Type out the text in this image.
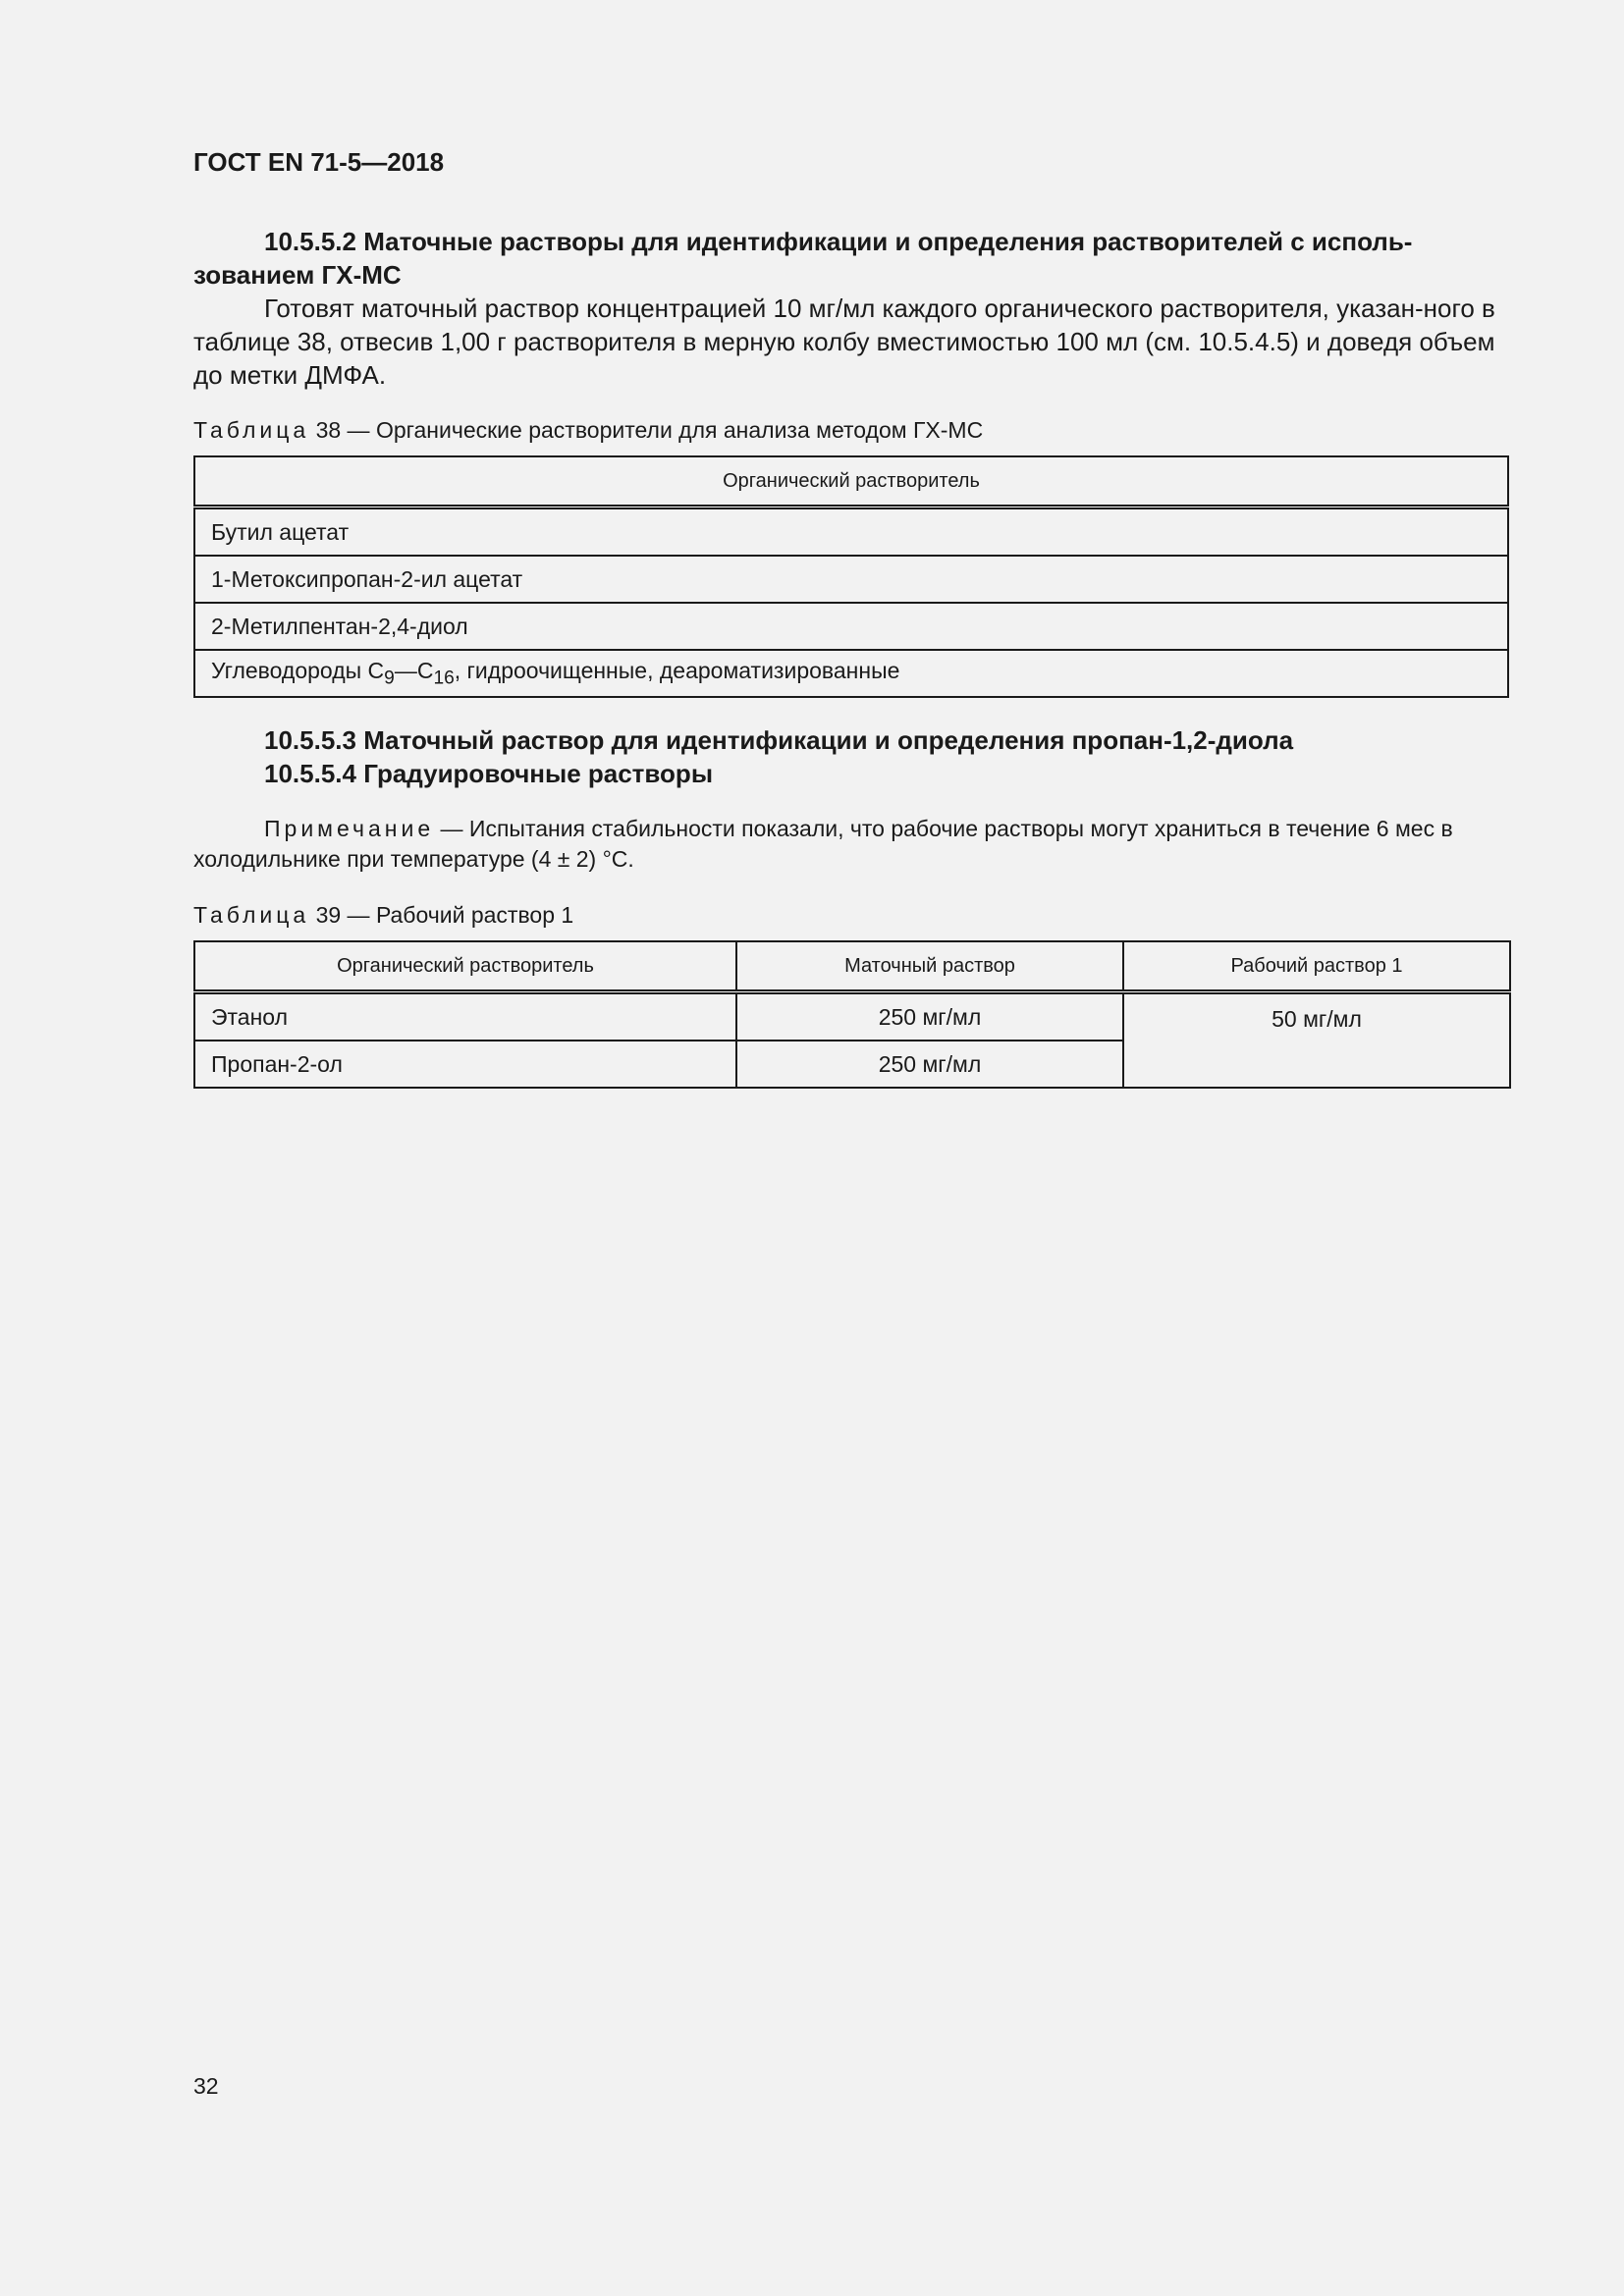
ГОСТ EN 71-5—2018

10.5.5.2 Маточные растворы для идентификации и определения растворителей с исполь-зованием ГХ-МС

Готовят маточный раствор концентрацией 10 мг/мл каждого органического растворителя, указан-ного в таблице 38, отвесив 1,00 г растворителя в мерную колбу вместимостью 100 мл (см. 10.5.4.5) и доведя объем до метки ДМФА.

Таблица 38 — Органические растворители для анализа методом ГХ-МС
Органический растворитель
Бутил ацетат
1-Метоксипропан-2-ил ацетат
2-Метилпентан-2,4-диол
Углеводороды $C_9—C_{16}$, гидроочищенные, деароматизированные

10.5.5.3 Маточный раствор для идентификации и определения пропан-1,2-диола

10.5.5.4 Градуировочные растворы

Примечание — Испытания стабильности показали, что рабочие растворы могут храниться в течение 6 мес в холодильнике при температуре (4 ± 2) °C.

Таблица 39 — Рабочий раствор 1
Органический растворитель	Маточный раствор	Рабочий раствор 1
Этанол	250 мг/мл	50 мг/мл
Пропан-2-ол	250 мг/мл	
32
